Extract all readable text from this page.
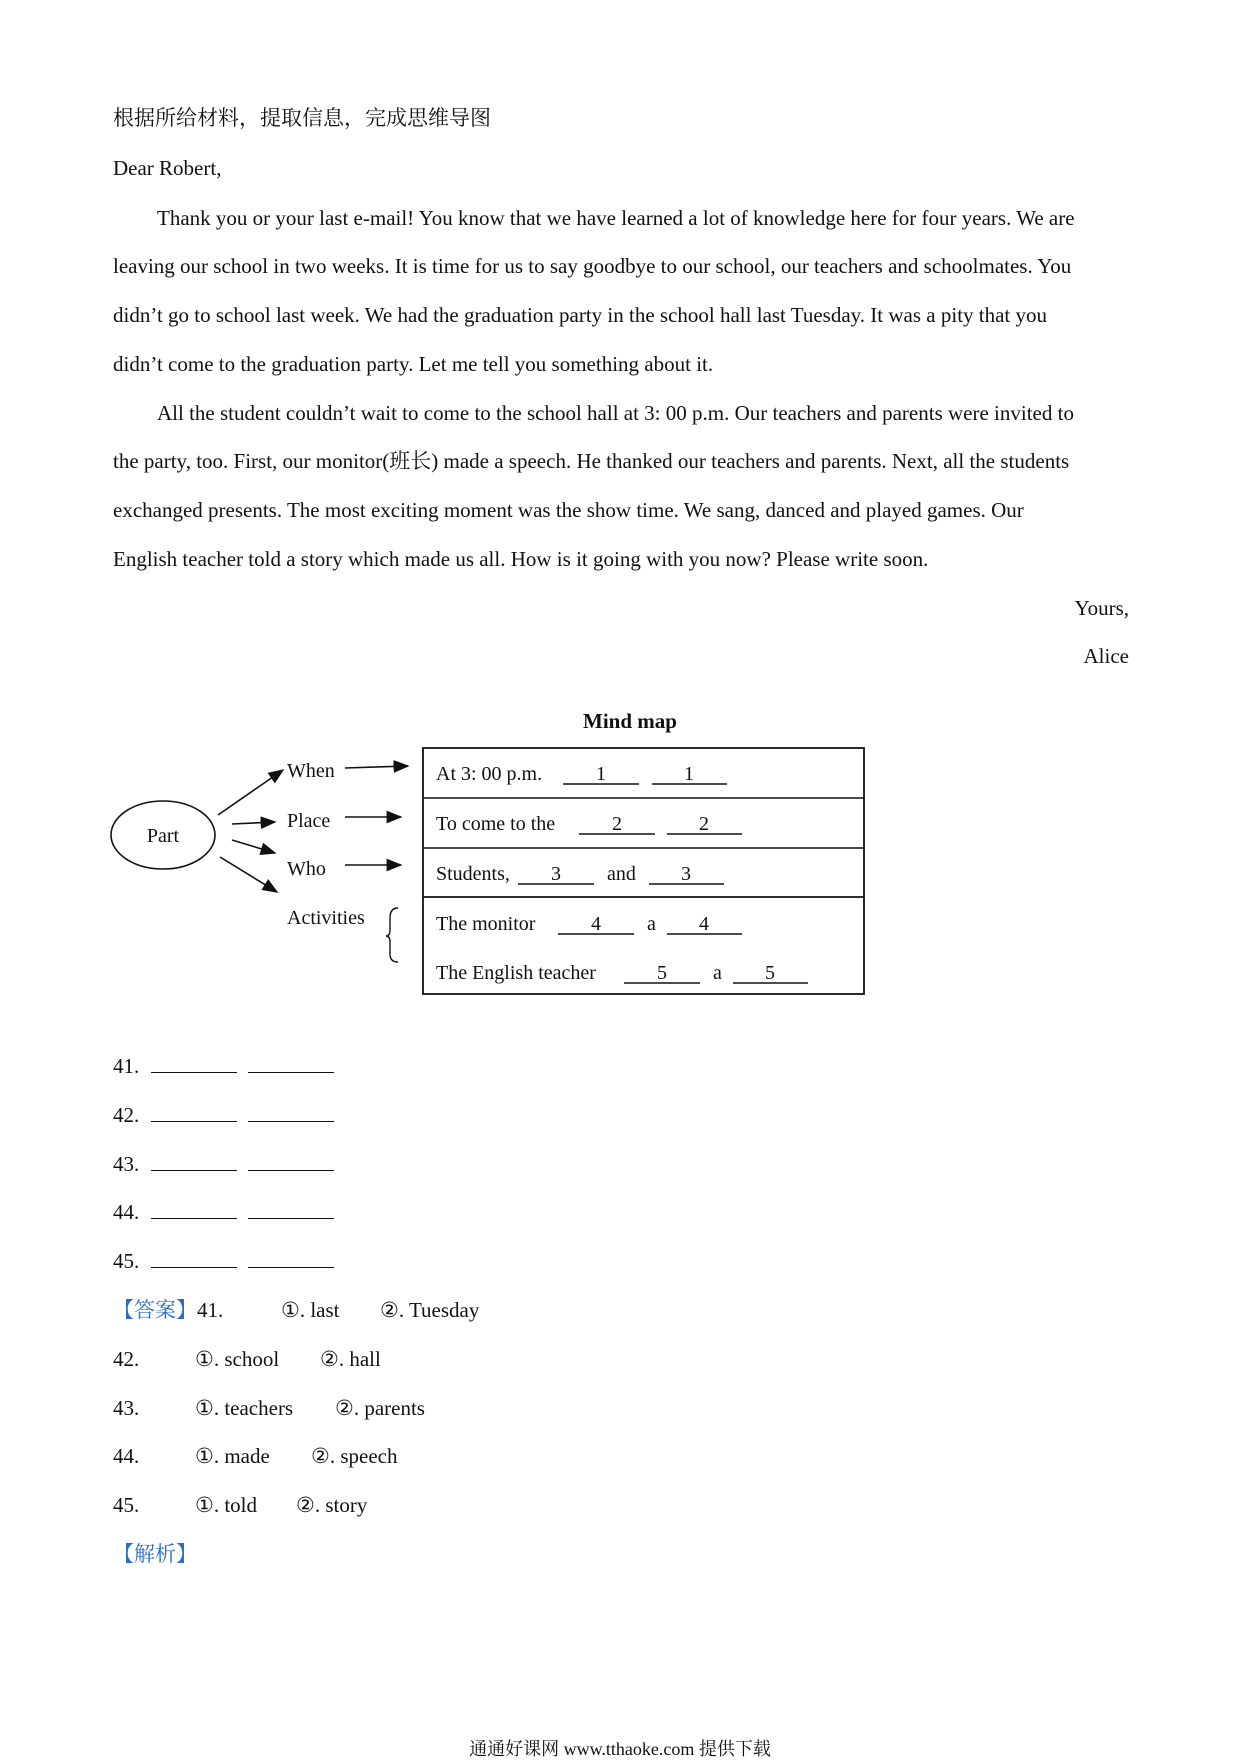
根据所给材料，提取信息，完成思维导图
Dear Robert,
Thank you or your last e-mail! You know that we have learned a lot of knowledge here for four years. We are
leaving our school in two weeks. It is time for us to say goodbye to our school, our teachers and schoolmates. You
didn’t go to school last week. We had the graduation party in the school hall last Tuesday. It was a pity that you
didn’t come to the graduation party. Let me tell you something about it.
All the student couldn’t wait to come to the school hall at 3: 00 p.m. Our teachers and parents were invited to
the party, too. First, our monitor(班长) made a speech. He thanked our teachers and parents. Next, all the students
exchanged presents. The most exciting moment was the show time. We sang, danced and played games. Our
English teacher told a story which made us all. How is it going with you now? Please write soon.
Yours,
Alice
Mind map
Part
When
Place
Who
Activities
At 3: 00 p.m.	1	1
To come to the	2	2
Students, 3 and 3
The monitor	4 a 4
The English teacher	5 a 5
41.
42.
43.
44.
45.
【答案】41.	①. last ②. Tuesday
42.	①. school ②. hall
43.	①. teachers ②. parents
44.	①. made ②. speech
45.	①. told ②. story
【解析】
通通好课网 www.tthaoke.com 提供下载
